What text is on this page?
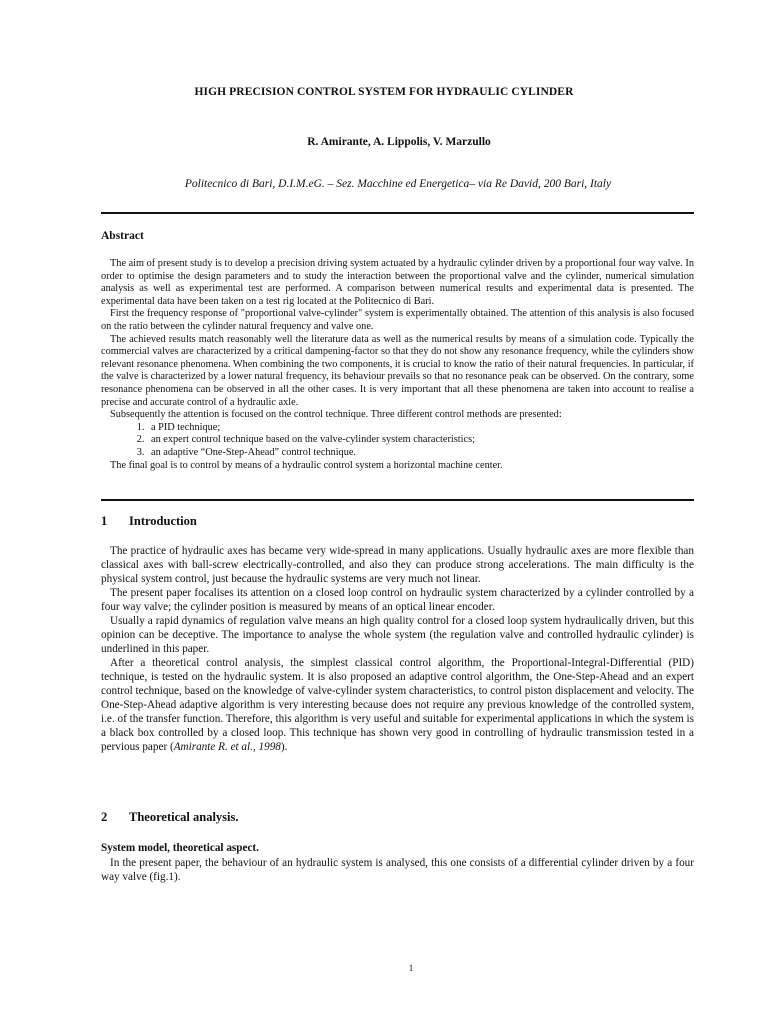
HIGH PRECISION CONTROL SYSTEM FOR HYDRAULIC CYLINDER
R. Amirante, A. Lippolis, V. Marzullo
Politecnico di Bari, D.I.M.eG. – Sez. Macchine ed Energetica– via Re David, 200 Bari, Italy
Abstract

The aim of present study is to develop a precision driving system actuated by a hydraulic cylinder driven by a proportional four way valve. In order to optimise the design parameters and to study the interaction between the proportional valve and the cylinder, numerical simulation analysis as well as experimental test are performed. A comparison between numerical results and experimental data is presented. The experimental data have been taken on a test rig located at the Politecnico di Bari.

First the frequency response of "proportional valve-cylinder" system is experimentally obtained. The attention of this analysis is also focused on the ratio between the cylinder natural frequency and valve one.

The achieved results match reasonably well the literature data as well as the numerical results by means of a simulation code. Typically the commercial valves are characterized by a critical dampening-factor so that they do not show any resonance frequency, while the cylinders show relevant resonance phenomena. When combining the two components, it is crucial to know the ratio of their natural frequencies. In particular, if the valve is characterized by a lower natural frequency, its behaviour prevails so that no resonance peak can be observed. On the contrary, some resonance phenomena can be observed in all the other cases. It is very important that all these phenomena are taken into account to realise a precise and accurate control of a hydraulic axle.

Subsequently the attention is focused on the control technique. Three different control methods are presented:

1. a PID technique;
2. an expert control technique based on the valve-cylinder system characteristics;
3. an adaptive “One-Step-Ahead” control technique.

The final goal is to control by means of a hydraulic control system a horizontal machine center.

1 Introduction

The practice of hydraulic axes has became very wide-spread in many applications. Usually hydraulic axes are more flexible than classical axes with ball-screw electrically-controlled, and also they can produce strong accelerations. The main difficulty is the physical system control, just because the hydraulic systems are very much not linear.

The present paper focalises its attention on a closed loop control on hydraulic system characterized by a cylinder controlled by a four way valve; the cylinder position is measured by means of an optical linear encoder.

Usually a rapid dynamics of regulation valve means an high quality control for a closed loop system hydraulically driven, but this opinion can be deceptive. The importance to analyse the whole system (the regulation valve and controlled hydraulic cylinder) is underlined in this paper.

After a theoretical control analysis, the simplest classical control algorithm, the Proportional-Integral-Differential (PID) technique, is tested on the hydraulic system. It is also proposed an adaptive control algorithm, the One-Step-Ahead and an expert control technique, based on the knowledge of valve-cylinder system characteristics, to control piston displacement and velocity. The One-Step-Ahead adaptive algorithm is very interesting because does not require any previous knowledge of the controlled system, i.e. of the transfer function. Therefore, this algorithm is very useful and suitable for experimental applications in which the system is a black box controlled by a closed loop. This technique has shown very good in controlling of hydraulic transmission tested in a pervious paper (Amirante R. et al., 1998).

2 Theoretical analysis.
System model, theoretical aspect.

In the present paper, the behaviour of an hydraulic system is analysed, this one consists of a differential cylinder driven by a four way valve (fig.1).

1
